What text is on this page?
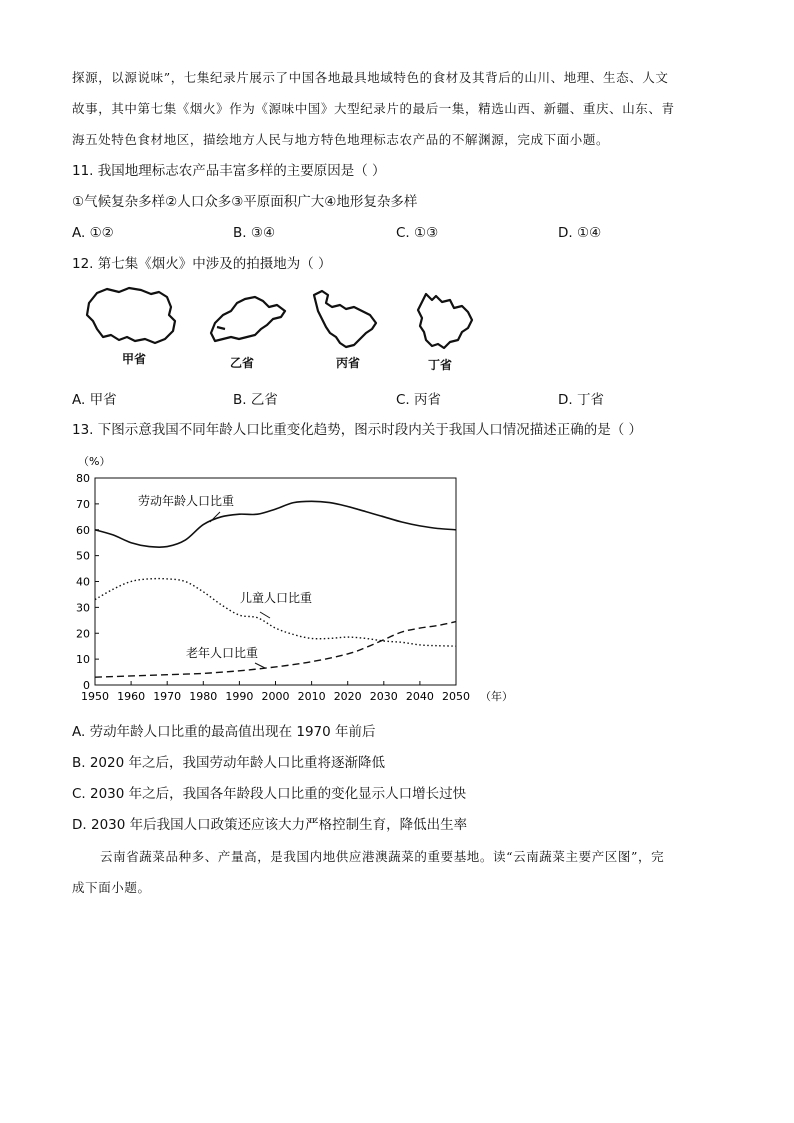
探源，以源说味”，七集纪录片展示了中国各地最具地域特色的食材及其背后的山川、地理、生态、人文
故事，其中第七集《烟火》作为《源味中国》大型纪录片的最后一集，精选山西、新疆、重庆、山东、青
海五处特色食材地区，描绘地方人民与地方特色地理标志农产品的不解渊源，完成下面小题。
11. 我国地理标志农产品丰富多样的主要原因是（ ）
①气候复杂多样②人口众多③平原面积广大④地形复杂多样
A. ①②	B. ③④	C. ①③	D. ①④
12. 第七集《烟火》中涉及的拍摄地为（ ）
甲省	乙省	丙省	丁省
A. 甲省	B. 乙省	C. 丙省	D. 丁省
13. 下图示意我国不同年龄人口比重变化趋势，图示时段内关于我国人口情况描述正确的是（ ）
（%）
0
10
20
30
40
50
60
70
80
1950 1960 1970 1980 1990 2000 2010 2020 2030 2040 2050 （年）
劳动年龄人口比重
儿童人口比重
老年人口比重
A. 劳动年龄人口比重的最高值出现在 1970 年前后
B. 2020 年之后，我国劳动年龄人口比重将逐渐降低
C. 2030 年之后，我国各年龄段人口比重的变化显示人口增长过快
D. 2030 年后我国人口政策还应该大力严格控制生育，降低出生率
云南省蔬菜品种多、产量高，是我国内地供应港澳蔬菜的重要基地。读“云南蔬菜主要产区图”，完
成下面小题。
